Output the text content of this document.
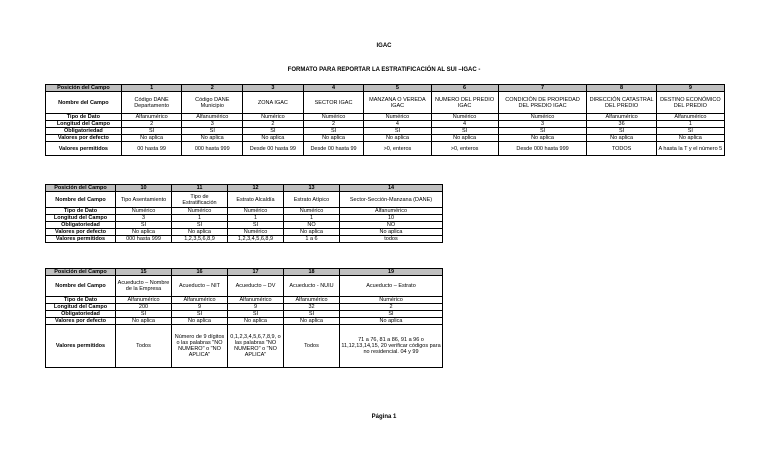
IGAC
FORMATO PARA REPORTAR LA ESTRATIFICACIÓN AL SUI –IGAC -
Posición del Campo	1	2	3	4	5	6	7	8	9
Nombre del Campo	Código DANE Departamento	Código DANE Municipio	ZONA IGAC	SECTOR IGAC	MANZANA O VEREDA IGAC	NUMERO DEL PREDIO IGAC	CONDICIÓN DE PROPIEDAD DEL PREDIO IGAC	DIRECCIÓN CATASTRAL DEL PREDIO	DESTINO ECONÓMICO DEL PREDIO
Tipo de Dato	Alfanumérico	Alfanumérico	Numérico	Numérico	Numérico	Numérico	Numérico	Alfanumérico	Alfanumérico
Longitud del Campo	2	3	2	2	4	4	3	36	1
Obligatoriedad	SI	SI	SI	SI	SI	SI	SI	SI	SI
Valores por defecto	No aplica	No aplica	No aplica	No aplica	No aplica	No aplica	No aplica	No aplica	No aplica
Valores permitidos	00 hasta 99	000 hasta 999	Desde 00 hasta 99	Desde 00 hasta 99	>0, enteros	>0, enteros	Desde 000 hasta 999	TODOS	A hasta la T y el número 5
Posición del Campo	10	11	12	13	14
Nombre del Campo	Tipo Asentamiento	Tipo de Estratificación	Estrato Alcaldía	Estrato Atípico	Sector-Sección-Manzana (DANE)
Tipo de Dato	Numérico	Numérico	Numérico	Numérico	Alfanumérico
Longitud del Campo	3	1	1	1	10
Obligatoriedad	SI	SI	SI	NO	NO
Valores por defecto	No aplica	No aplica	Numérico	No aplica	No aplica
Valores permitidos	000 hasta 999	1,2,3,5,6,8,9	1,2,3,4,5,6,8,9	1 a 6	todos
Posición del Campo	15	16	17	18	19
Nombre del Campo	Acueducto – Nombre de la Empresa	Acueducto – NIT	Acueducto – DV	Acueducto - NUIU	Acueducto – Estrato
Tipo de Dato	Alfanumérico	Alfanumérico	Alfanumérico	Alfanumérico	Numérico
Longitud del Campo	200	9	9	32	2
Obligatoriedad	SI	SI	SI	SI	SI
Valores por defecto	No aplica	No aplica	No aplica	No aplica	No aplica
Valores permitidos	Todos	Número de 9 dígitos o las palabras "NO NUMERO" o "NO APLICA"	0,1,2,3,4,5,6,7,8,9, o las palabras "NO NUMERO" o "NO APLICA"	Todos	71 a 76, 81 a 86, 91 a 96 o 11,12,13,14,15, 20 verificar códigos para no residencial. 04 y 99
Página 1
